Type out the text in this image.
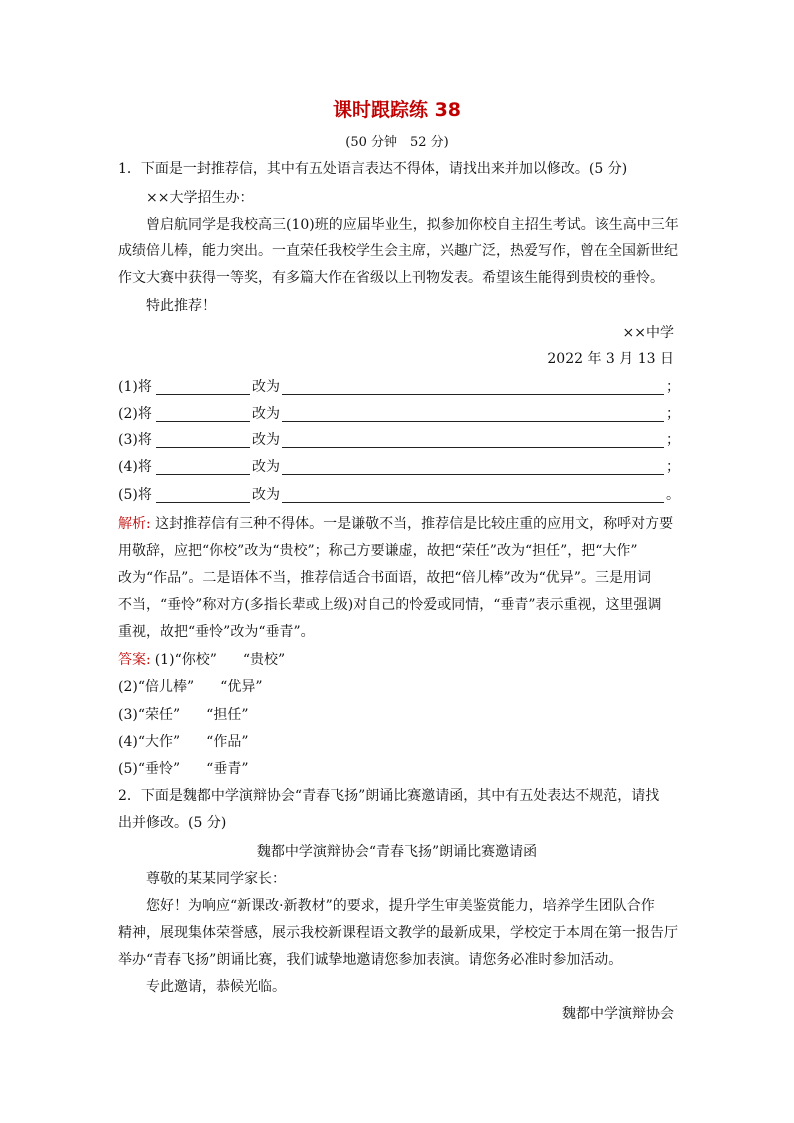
课时跟踪练 38
(50 分钟　52 分)
1．下面是一封推荐信，其中有五处语言表达不得体，请找出来并加以修改。(5 分)
××大学招生办：
曾启航同学是我校高三(10)班的应届毕业生，拟参加你校自主招生考试。该生高中三年
成绩倍儿棒，能力突出。一直荣任我校学生会主席，兴趣广泛，热爱写作，曾在全国新世纪
作文大赛中获得一等奖，有多篇大作在省级以上刊物发表。希望该生能得到贵校的垂怜。
特此推荐！
××中学
2022 年 3 月 13 日
(1)将	改为	；
(2)将	改为	；
(3)将	改为	；
(4)将	改为	；
(5)将	改为	。
解析: 这封推荐信有三种不得体。一是谦敬不当，推荐信是比较庄重的应用文，称呼对方要
用敬辞，应把“你校”改为“贵校”；称己方要谦虚，故把“荣任”改为“担任”，把“大作”
改为“作品”。二是语体不当，推荐信适合书面语，故把“倍儿棒”改为“优异”。三是用词
不当，“垂怜”称对方(多指长辈或上级)对自己的怜爱或同情，“垂青”表示重视，这里强调
重视，故把“垂怜”改为“垂青”。
答案: (1)“你校” “贵校”
(2)“倍儿棒” “优异”
(3)“荣任” “担任”
(4)“大作” “作品”
(5)“垂怜” “垂青”
2．下面是魏都中学演辩协会“青春飞扬”朗诵比赛邀请函，其中有五处表达不规范，请找
出并修改。(5 分)
魏都中学演辩协会“青春飞扬”朗诵比赛邀请函
尊敬的某某同学家长：
您好！为响应“新课改·新教材”的要求，提升学生审美鉴赏能力，培养学生团队合作
精神，展现集体荣誉感，展示我校新课程语文教学的最新成果，学校定于本周在第一报告厅
举办“青春飞扬”朗诵比赛，我们诚挚地邀请您参加表演。请您务必准时参加活动。
专此邀请，恭候光临。
魏都中学演辩协会
